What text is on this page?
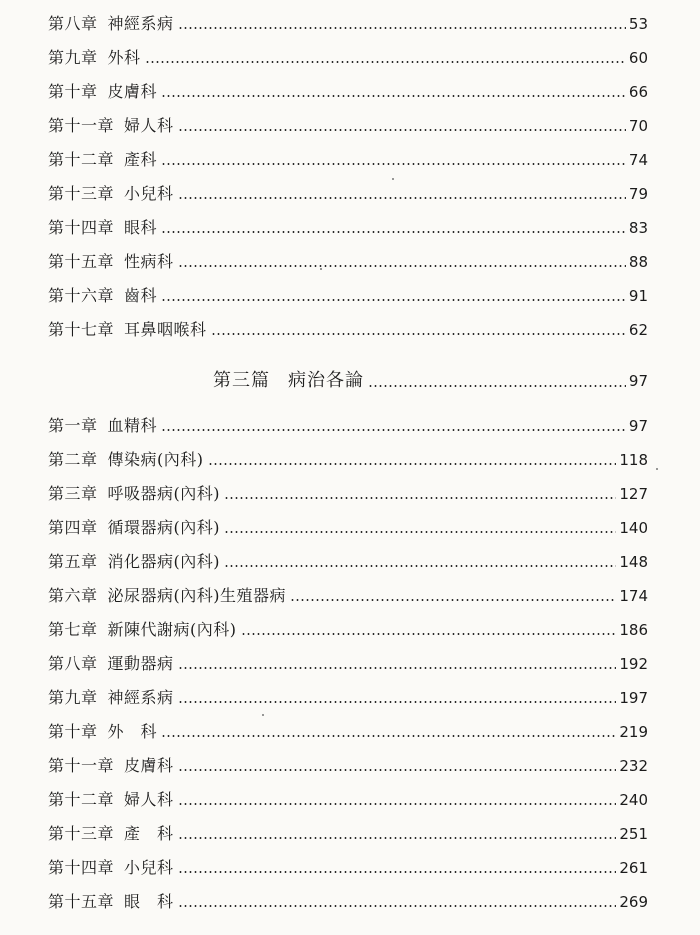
第八章 神經系病	53
第九章 外科	60
第十章 皮膚科	66
第十一章 婦人科	70
第十二章 產科	74
第十三章 小兒科	79
第十四章 眼科	83
第十五章 性病科	88
第十六章 齒科	91
第十七章 耳鼻咽喉科	62
第三篇	病治各論	97
第一章 血精科	97
第二章 傳染病(內科)	118
第三章 呼吸器病(內科)	127
第四章 循環器病(內科)	140
第五章 消化器病(內科)	148
第六章 泌尿器病(內科)生殖器病	174
第七章 新陳代謝病(內科)	186
第八章 運動器病	192
第九章 神經系病	197
第十章 外　科	219
第十一章 皮膚科	232
第十二章 婦人科	240
第十三章 產　科	251
第十四章 小兒科	261
第十五章 眼　科	269
